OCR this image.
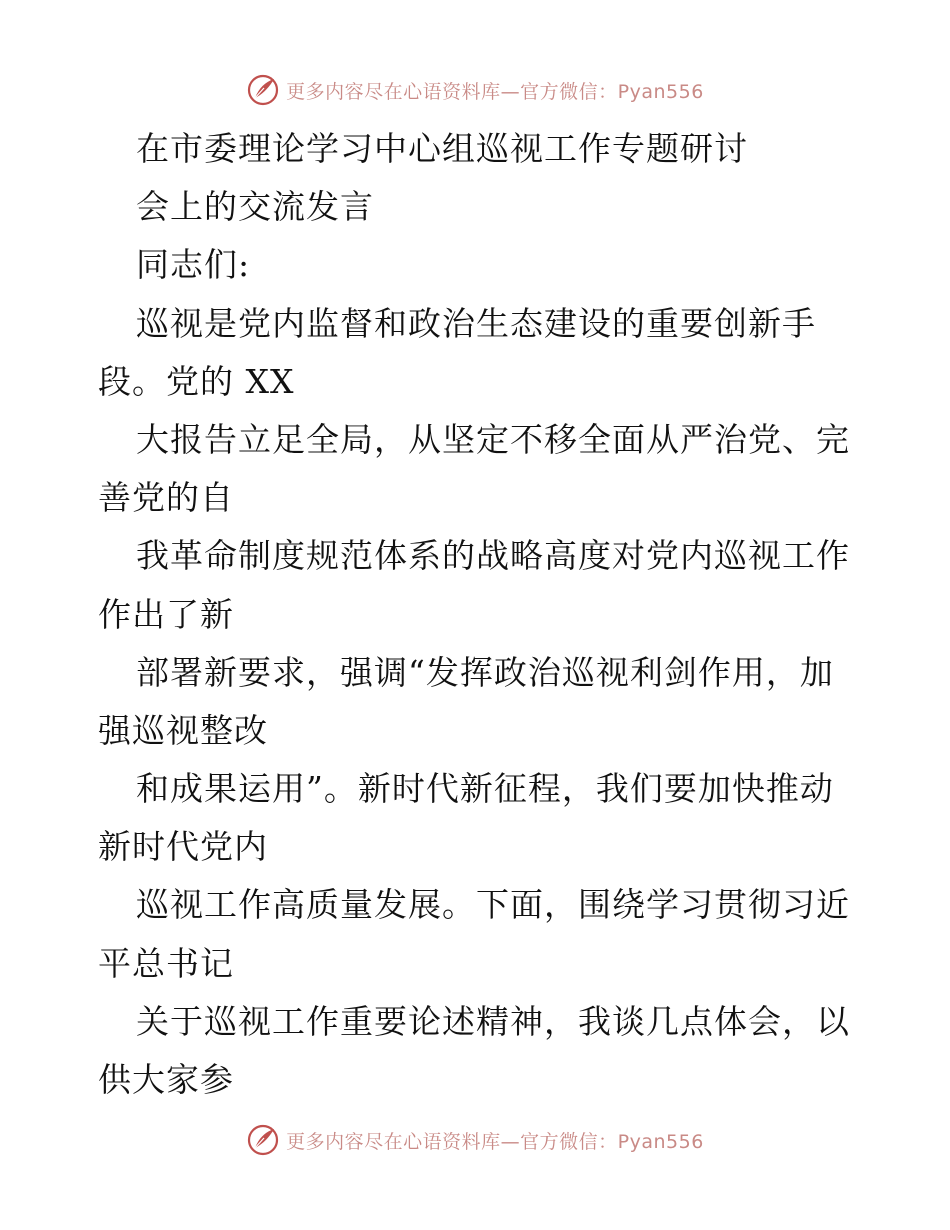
更多内容尽在心语资料库—官方微信：Pyan556
在市委理论学习中心组巡视工作专题研讨
会上的交流发言
同志们:
巡视是党内监督和政治生态建设的重要创新手
段。党的 XX
大报告立足全局，从坚定不移全面从严治党、完
善党的自
我革命制度规范体系的战略高度对党内巡视工作
作出了新
部署新要求，强调“发挥政治巡视利剑作用，加
强巡视整改
和成果运用”。新时代新征程，我们要加快推动
新时代党内
巡视工作高质量发展。下面，围绕学习贯彻习近
平总书记
关于巡视工作重要论述精神，我谈几点体会，以
供大家参
更多内容尽在心语资料库—官方微信：Pyan556
